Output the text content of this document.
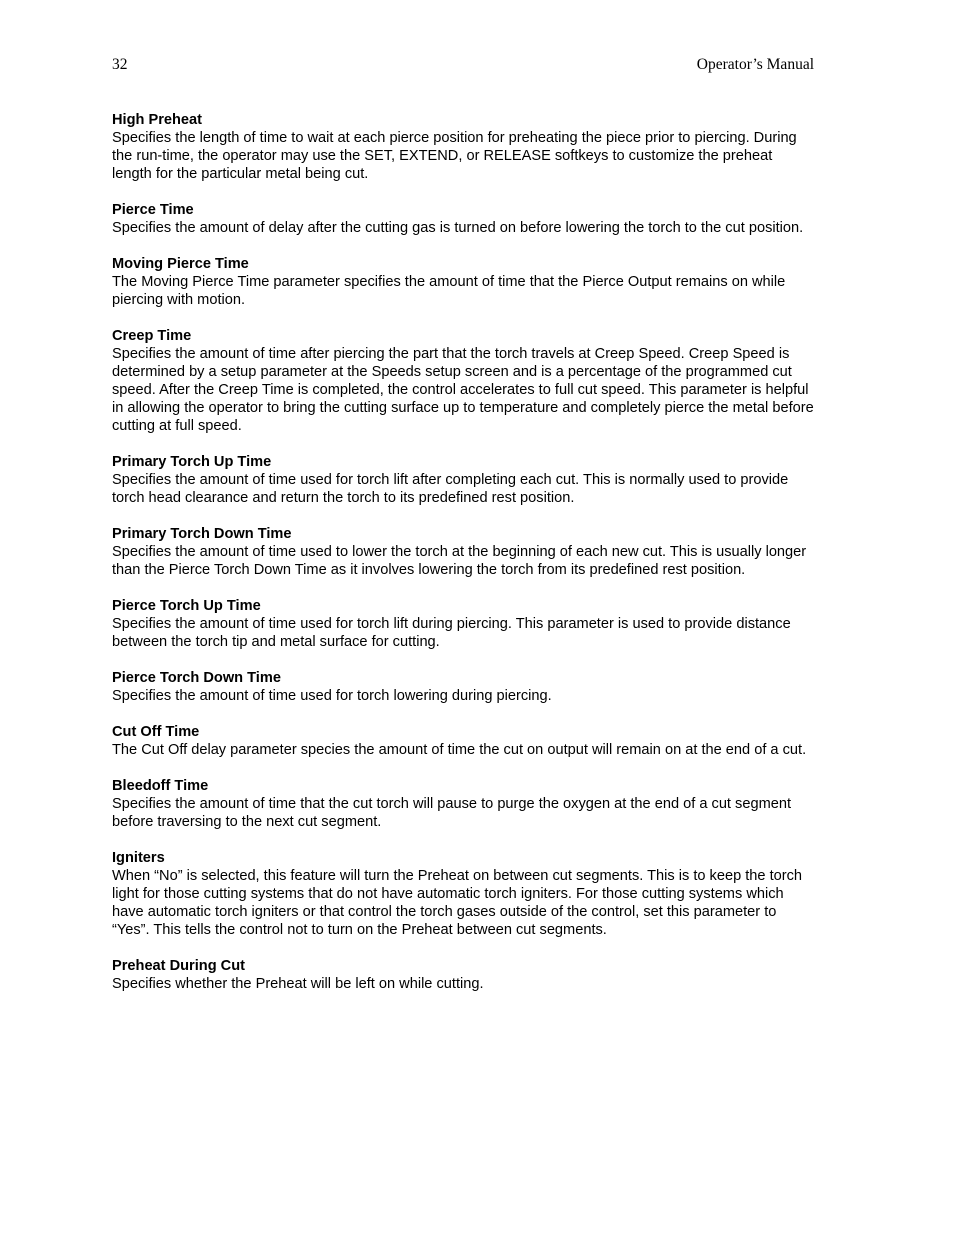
32	Operator’s Manual
High Preheat
Specifies the length of time to wait at each pierce position for preheating the piece prior to piercing. During the run-time, the operator may use the SET, EXTEND, or RELEASE softkeys to customize the preheat length for the particular metal being cut.
Pierce Time
Specifies the amount of delay after the cutting gas is turned on before lowering the torch to the cut position.
Moving Pierce Time
The Moving Pierce Time parameter specifies the amount of time that the Pierce Output remains on while piercing with motion.
Creep Time
Specifies the amount of time after piercing the part that the torch travels at Creep Speed. Creep Speed is determined by a setup parameter at the Speeds setup screen and is a percentage of the programmed cut speed. After the Creep Time is completed, the control accelerates to full cut speed. This parameter is helpful in allowing the operator to bring the cutting surface up to temperature and completely pierce the metal before cutting at full speed.
Primary Torch Up Time
Specifies the amount of time used for torch lift after completing each cut. This is normally used to provide torch head clearance and return the torch to its predefined rest position.
Primary Torch Down Time
Specifies the amount of time used to lower the torch at the beginning of each new cut. This is usually longer than the Pierce Torch Down Time as it involves lowering the torch from its predefined rest position.
Pierce Torch Up Time
Specifies the amount of time used for torch lift during piercing. This parameter is used to provide distance between the torch tip and metal surface for cutting.
Pierce Torch Down Time
Specifies the amount of time used for torch lowering during piercing.
Cut Off Time
The Cut Off delay parameter species the amount of time the cut on output will remain on at the end of a cut.
Bleedoff Time
Specifies the amount of time that the cut torch will pause to purge the oxygen at the end of a cut segment before traversing to the next cut segment.
Igniters
When “No” is selected, this feature will turn the Preheat on between cut segments. This is to keep the torch light for those cutting systems that do not have automatic torch igniters. For those cutting systems which have automatic torch igniters or that control the torch gases outside of the control, set this parameter to “Yes”. This tells the control not to turn on the Preheat between cut segments.
Preheat During Cut
Specifies whether the Preheat will be left on while cutting.
